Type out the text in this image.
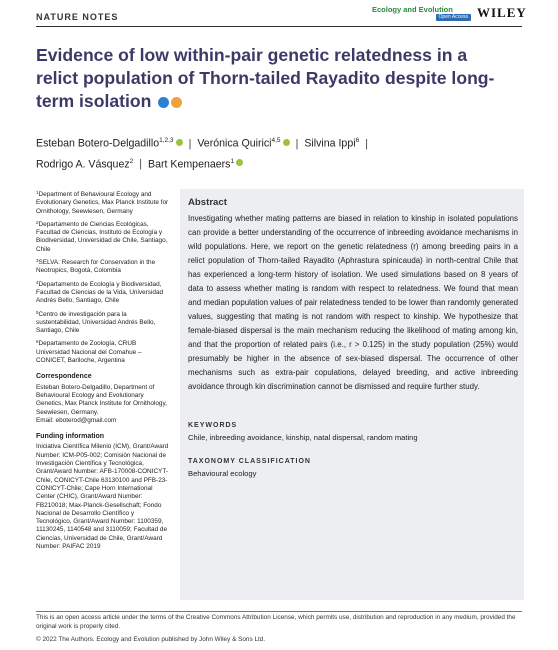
NATURE NOTES
Ecology and Evolution
Open Access WILEY
Evidence of low within-pair genetic relatedness in a relict population of Thorn-tailed Rayadito despite long-term isolation
Esteban Botero-Delgadillo$^{1,2,3}$ | Verónica Quirici$^{4,5}$ | Silvina Ippi$^6$ |
Rodrigo A. Vásquez$^2$ | Bart Kempenaers$^1$
$^1$Department of Behavioural Ecology and Evolutionary Genetics, Max Planck Institute for Ornithology, Seewiesen, Germany
$^2$Departamento de Ciencias Ecológicas, Facultad de Ciencias, Instituto de Ecología y Biodiversidad, Universidad de Chile, Santiago, Chile
$^3$SELVA: Research for Conservation in the Neotropics, Bogotá, Colombia
$^4$Departamento de Ecología y Biodiversidad, Facultad de Ciencias de la Vida, Universidad Andrés Bello, Santiago, Chile
$^5$Centro de investigación para la sustentabilidad, Universidad Andrés Bello, Santiago, Chile
$^6$Departamento de Zoología, CRUB Universidad Nacional del Comahue – CONICET, Bariloche, Argentina
Correspondence

Esteban Botero-Delgadillo, Department of Behavioural Ecology and Evolutionary Genetics, Max Planck Institute for Ornithology, Seewiesen, Germany.

Email: eboterod@gmail.com

Funding information

Iniciativa Científica Milenio (ICM), Grant/Award Number: ICM-P05-002; Comisión Nacional de Investigación Científica y Tecnológica, Grant/Award Number: AFB-170008-CONICYT-Chile, CONICYT-Chile 63130100 and PFB-23-CONICYT-Chile; Cape Horn International Center (CHIC), Grant/Award Number: FB210018; Max-Planck-Gesellschaft; Fondo Nacional de Desarrollo Científico y Tecnológico, Grant/Award Number: 1100359, 11130245, 1140548 and 3110059; Facultad de Ciencias, Universidad de Chile, Grant/Award Number: PAIFAC 2019

Abstract

Investigating whether mating patterns are biased in relation to kinship in isolated populations can provide a better understanding of the occurrence of inbreeding avoidance mechanisms in wild populations. Here, we report on the genetic relatedness (r) among breeding pairs in a relict population of Thorn-tailed Rayadito (Aphrastura spinicauda) in north-central Chile that has experienced a long-term history of isolation. We used simulations based on 8 years of data to assess whether mating is random with respect to relatedness. We found that mean and median population values of pair relatedness tended to be lower than randomly generated values, suggesting that mating is not random with respect to kinship. We hypothesize that female-biased dispersal is the main mechanism reducing the likelihood of mating among kin, and that the proportion of related pairs (i.e., r > 0.125) in the study population (25%) would presumably be higher in the absence of sex-biased dispersal. The occurrence of other mechanisms such as extra-pair copulations, delayed breeding, and active inbreeding avoidance through kin discrimination cannot be dismissed and require further study.

KEYWORDS
Chile, inbreeding avoidance, kinship, natal dispersal, random mating
TAXONOMY CLASSIFICATION
Behavioural ecology
This is an open access article under the terms of the Creative Commons Attribution License, which permits use, distribution and reproduction in any medium, provided the original work is properly cited.
© 2022 The Authors. Ecology and Evolution published by John Wiley & Sons Ltd.
